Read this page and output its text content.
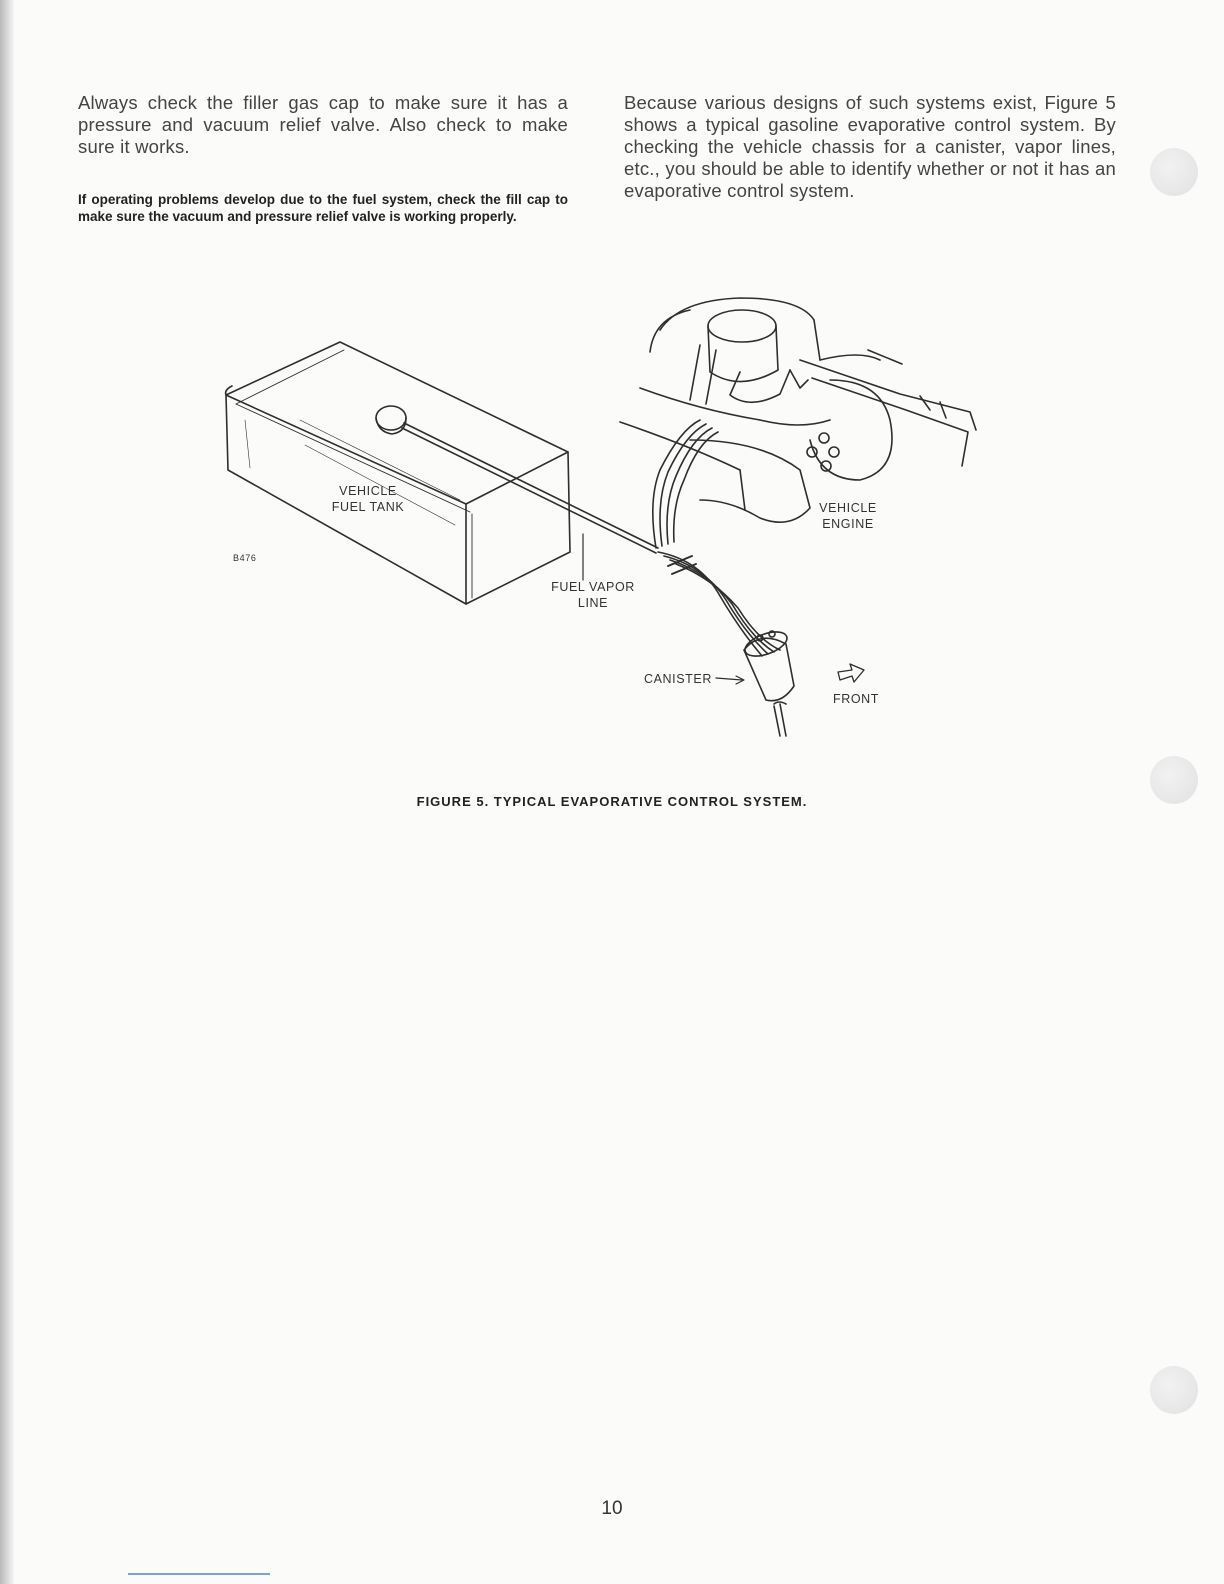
Always check the filler gas cap to make sure it has a pressure and vacuum relief valve. Also check to make sure it works.

If operating problems develop due to the fuel system, check the fill cap to make sure the vacuum and pressure relief valve is working properly.

Because various designs of such systems exist, Figure 5 shows a typical gasoline evaporative control system. By checking the vehicle chassis for a canister, vapor lines, etc., you should be able to identify whether or not it has an evaporative control system.

VEHICLE
FUEL TANK	VEHICLE
ENGINE
FUEL VAPOR
LINE
CANISTER
FRONT
B476

FIGURE 5. TYPICAL EVAPORATIVE CONTROL SYSTEM.

10
